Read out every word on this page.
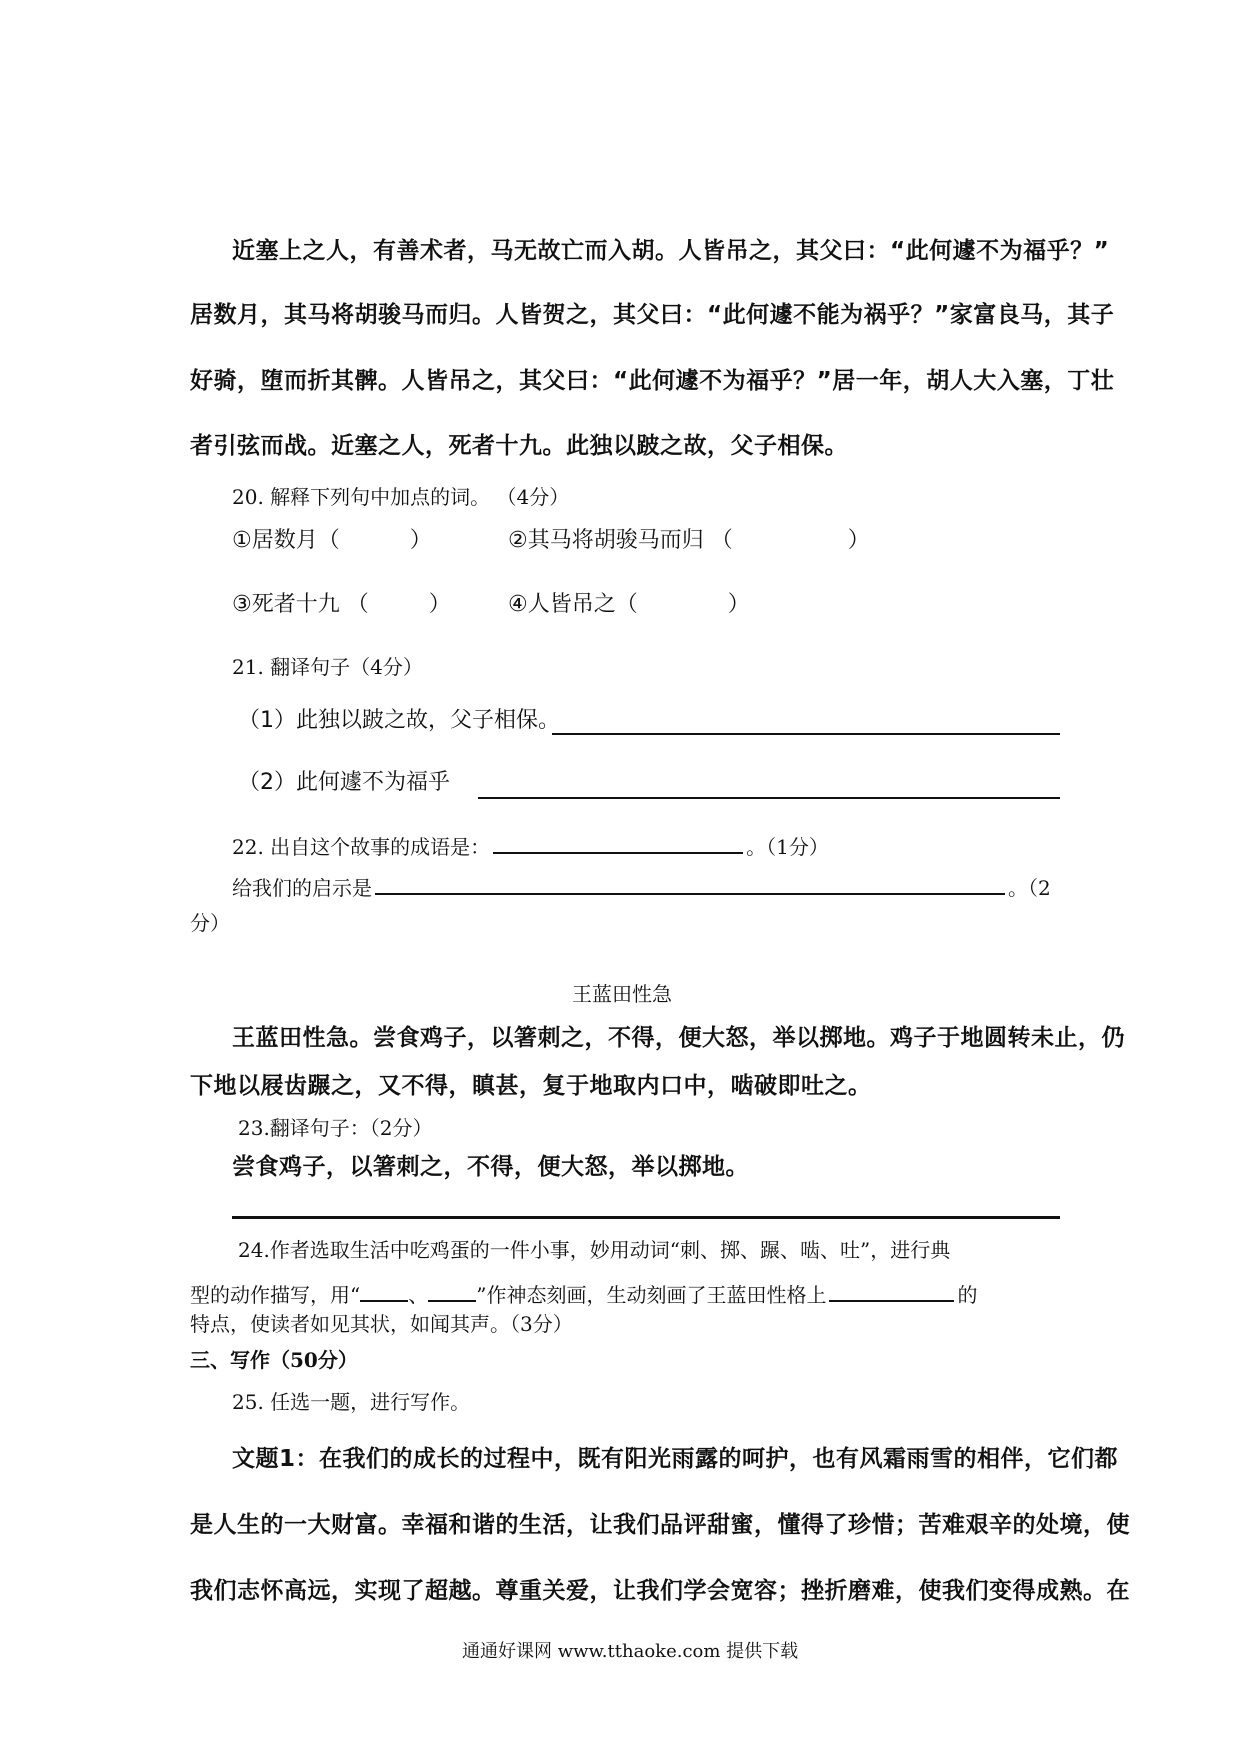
近塞上之人，有善术者，马无故亡而入胡。人皆吊之，其父曰：“此何遽不为福乎？”
居数月，其马将胡骏马而归。人皆贺之，其父曰：“此何遽不能为祸乎？”家富良马，其子
好骑，堕而折其髀。人皆吊之，其父曰：“此何遽不为福乎？”居一年，胡人大入塞，丁壮
者引弦而战。近塞之人，死者十九。此独以跛之故，父子相保。
20. 解释下列句中加点的词。 （4分）
①居数月（	）	②其马将胡骏马而归 （	）
③死者十九 （	）	④人皆吊之（	）
21. 翻译句子（4分）
（1）此独以跛之故，父子相保。
（2）此何遽不为福乎
22. 出自这个故事的成语是：	。（1分）
给我们的启示是	。（2
分）
王蓝田性急
王蓝田性急。尝食鸡子，以箸刺之，不得，便大怒，举以掷地。鸡子于地圆转未止，仍
下地以屐齿蹍之，又不得，瞋甚，复于地取内口中，啮破即吐之。
23.翻译句子：（2分）
尝食鸡子，以箸刺之，不得，便大怒，举以掷地。
24.作者选取生活中吃鸡蛋的一件小事，妙用动词“刺、掷、蹍、啮、吐”，进行典
型的动作描写，用“ 、 ”作神态刻画，生动刻画了王蓝田性格上	的
特点，使读者如见其状，如闻其声。（3分）
三、写作（50分）
25. 任选一题，进行写作。
文题1：在我们的成长的过程中，既有阳光雨露的呵护，也有风霜雨雪的相伴，它们都
是人生的一大财富。幸福和谐的生活，让我们品评甜蜜，懂得了珍惜；苦难艰辛的处境，使
我们志怀高远，实现了超越。尊重关爱，让我们学会宽容；挫折磨难，使我们变得成熟。在
通通好课网 www.tthaoke.com 提供下载
